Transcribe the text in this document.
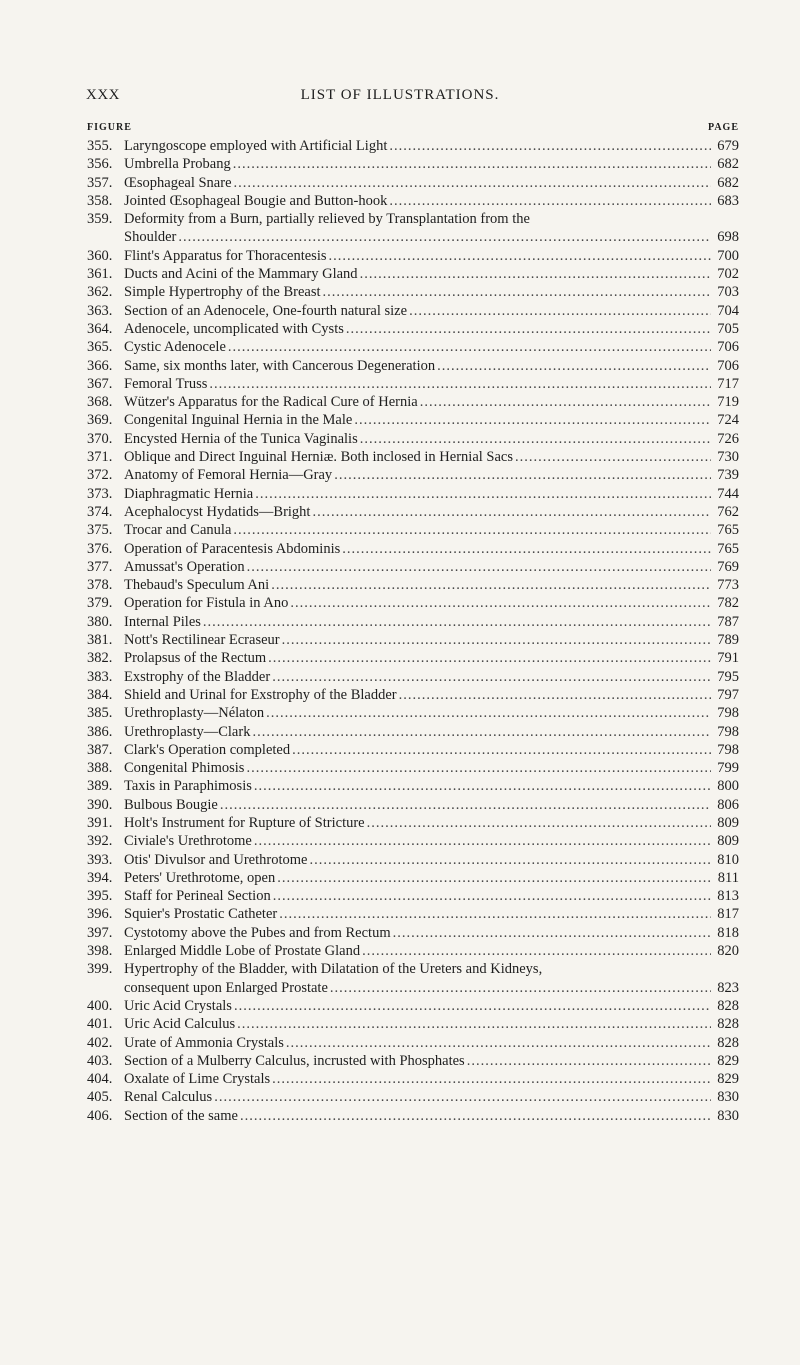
XXX	LIST OF ILLUSTRATIONS.
FIGURE	PAGE
355. Laryngoscope employed with Artificial Light .....	679
356. Umbrella Probang .....	682
357. Œsophageal Snare .....	682
358. Jointed Œsophageal Bougie and Button-hook .....	683
359. Deformity from a Burn, partially relieved by Transplantation from the
Shoulder .....	698
360. Flint's Apparatus for Thoracentesis .....	700
361. Ducts and Acini of the Mammary Gland .....	702
362. Simple Hypertrophy of the Breast .....	703
363. Section of an Adenocele, One-fourth natural size .....	704
364. Adenocele, uncomplicated with Cysts .....	705
365. Cystic Adenocele .....	706
366. Same, six months later, with Cancerous Degeneration .....	706
367. Femoral Truss .....	717
368. Wützer's Apparatus for the Radical Cure of Hernia .....	719
369. Congenital Inguinal Hernia in the Male .....	724
370. Encysted Hernia of the Tunica Vaginalis .....	726
371. Oblique and Direct Inguinal Herniæ. Both inclosed in Hernial Sacs .....	730
372. Anatomy of Femoral Hernia—Gray .....	739
373. Diaphragmatic Hernia .....	744
374. Acephalocyst Hydatids—Bright .....	762
375. Trocar and Canula .....	765
376. Operation of Paracentesis Abdominis .....	765
377. Amussat's Operation .....	769
378. Thebaud's Speculum Ani .....	773
379. Operation for Fistula in Ano .....	782
380. Internal Piles .....	787
381. Nott's Rectilinear Ecraseur .....	789
382. Prolapsus of the Rectum .....	791
383. Exstrophy of the Bladder .....	795
384. Shield and Urinal for Exstrophy of the Bladder .....	797
385. Urethroplasty—Nélaton .....	798
386. Urethroplasty—Clark .....	798
387. Clark's Operation completed .....	798
388. Congenital Phimosis .....	799
389. Taxis in Paraphimosis .....	800
390. Bulbous Bougie .....	806
391. Holt's Instrument for Rupture of Stricture .....	809
392. Civiale's Urethrotome .....	809
393. Otis' Divulsor and Urethrotome .....	810
394. Peters' Urethrotome, open .....	811
395. Staff for Perineal Section .....	813
396. Squier's Prostatic Catheter .....	817
397. Cystotomy above the Pubes and from Rectum .....	818
398. Enlarged Middle Lobe of Prostate Gland .....	820
399. Hypertrophy of the Bladder, with Dilatation of the Ureters and Kidneys,
consequent upon Enlarged Prostate .....	823
400. Uric Acid Crystals .....	828
401. Uric Acid Calculus .....	828
402. Urate of Ammonia Crystals .....	828
403. Section of a Mulberry Calculus, incrusted with Phosphates .....	829
404. Oxalate of Lime Crystals .....	829
405. Renal Calculus .....	830
406. Section of the same .....	830
